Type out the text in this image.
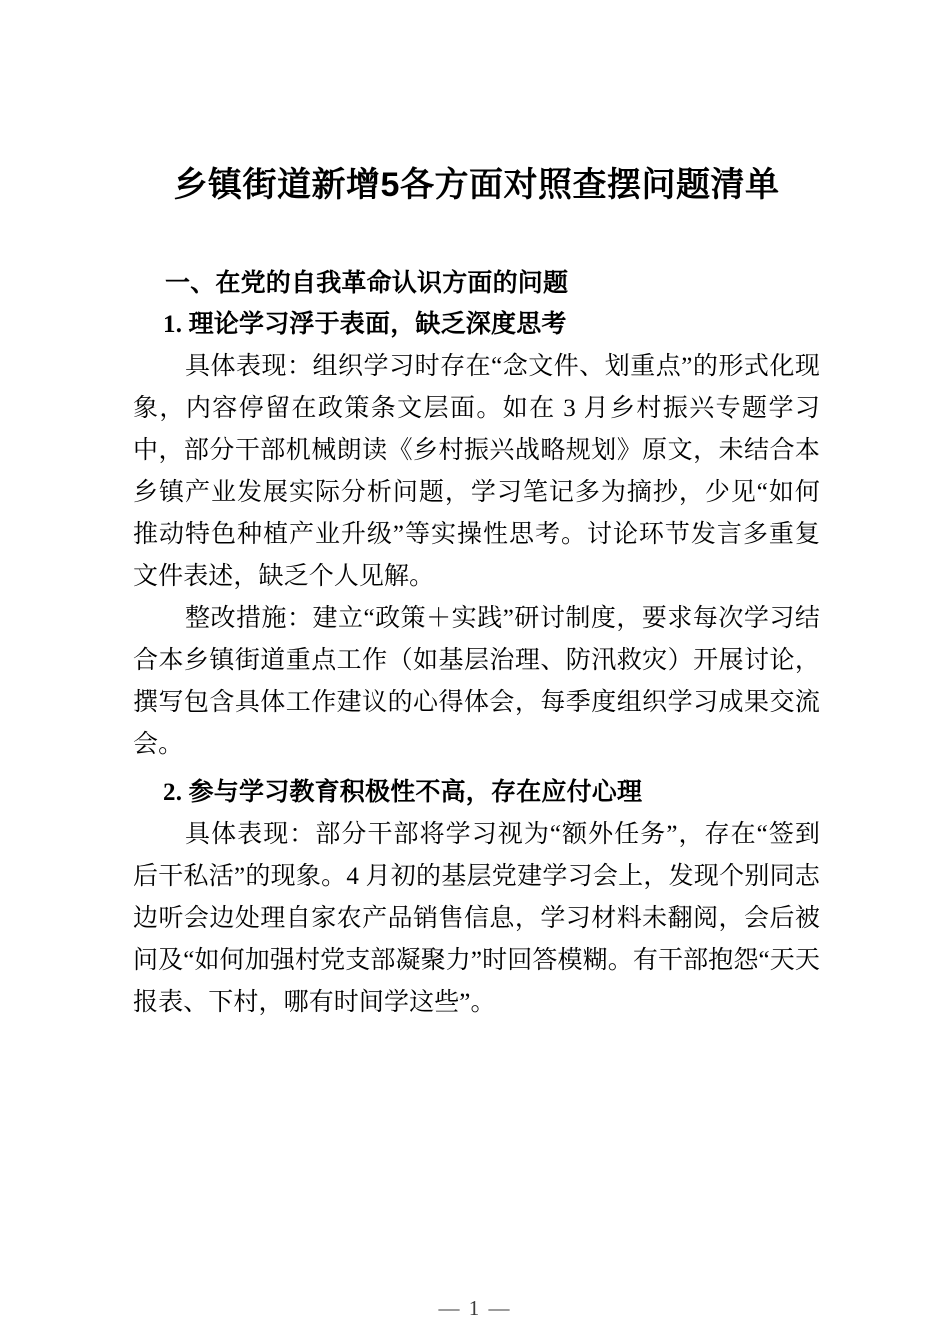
乡镇街道新增5各方面对照查摆问题清单
一、在党的自我革命认识方面的问题
1. 理论学习浮于表面，缺乏深度思考

具体表现：组织学习时存在“念文件、划重点”的形式化现象，内容停留在政策条文层面。如在 3 月乡村振兴专题学习中，部分干部机械朗读《乡村振兴战略规划》原文，未结合本乡镇产业发展实际分析问题，学习笔记多为摘抄，少见“如何推动特色种植产业升级”等实操性思考。讨论环节发言多重复文件表述，缺乏个人见解。

整改措施：建立“政策＋实践”研讨制度，要求每次学习结合本乡镇街道重点工作（如基层治理、防汛救灾）开展讨论，撰写包含具体工作建议的心得体会，每季度组织学习成果交流会。

2. 参与学习教育积极性不高，存在应付心理

具体表现：部分干部将学习视为“额外任务”，存在“签到后干私活”的现象。4 月初的基层党建学习会上，发现个别同志边听会边处理自家农产品销售信息，学习材料未翻阅，会后被问及“如何加强村党支部凝聚力”时回答模糊。有干部抱怨“天天报表、下村，哪有时间学这些”。

— 1 —
